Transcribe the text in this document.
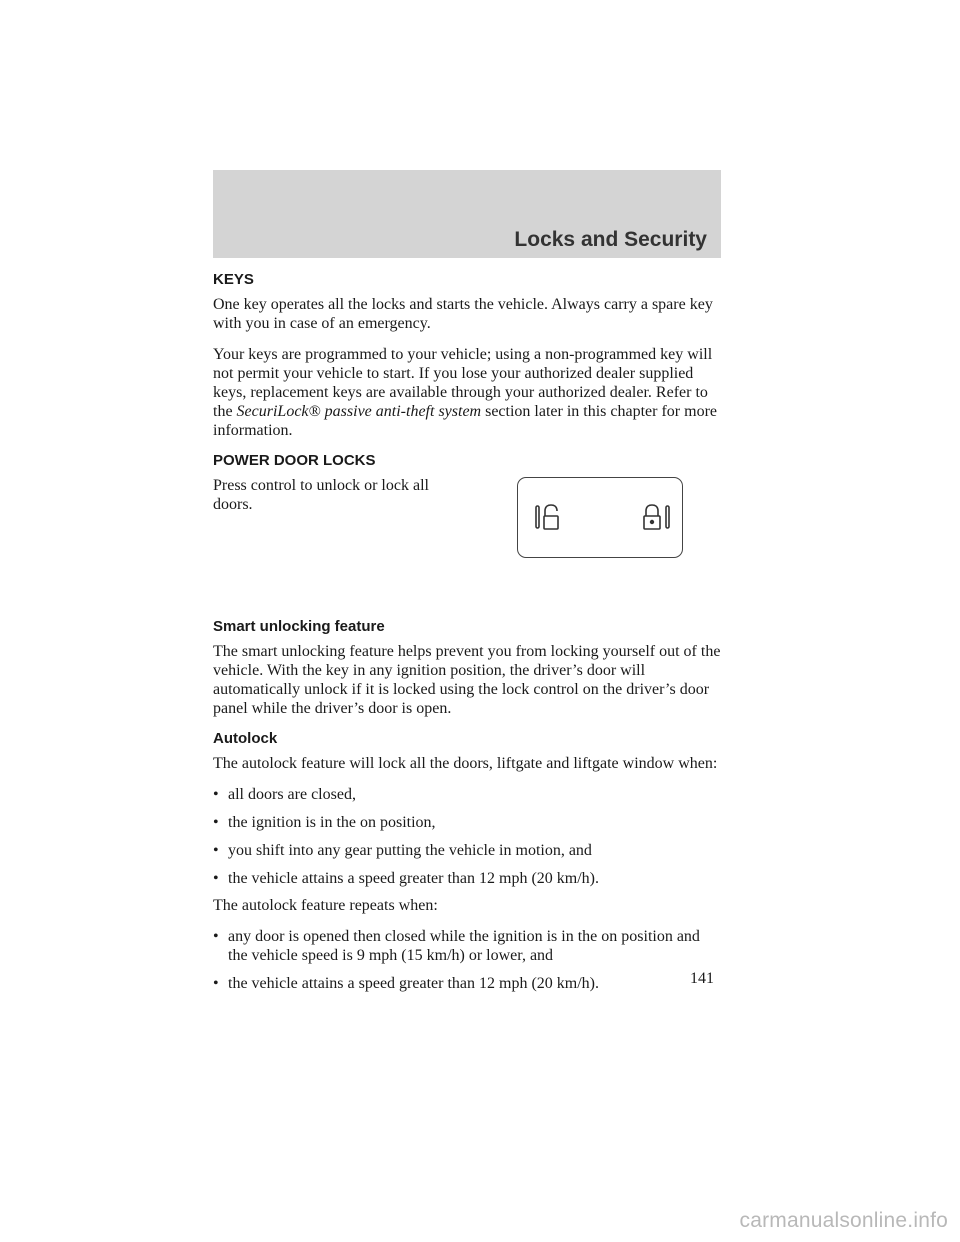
Locks and Security
KEYS

One key operates all the locks and starts the vehicle. Always carry a spare key with you in case of an emergency.

Your keys are programmed to your vehicle; using a non-programmed key will not permit your vehicle to start. If you lose your authorized dealer supplied keys, replacement keys are available through your authorized dealer. Refer to the SecuriLock® passive anti-theft system section later in this chapter for more information.

POWER DOOR LOCKS

Press control to unlock or lock all doors.

Smart unlocking feature

The smart unlocking feature helps prevent you from locking yourself out of the vehicle. With the key in any ignition position, the driver’s door will automatically unlock if it is locked using the lock control on the driver’s door panel while the driver’s door is open.

Autolock

The autolock feature will lock all the doors, liftgate and liftgate window when:

• all doors are closed,
• the ignition is in the on position,
• you shift into any gear putting the vehicle in motion, and
• the vehicle attains a speed greater than 12 mph (20 km/h).

The autolock feature repeats when:

• any door is opened then closed while the ignition is in the on position and the vehicle speed is 9 mph (15 km/h) or lower, and
• the vehicle attains a speed greater than 12 mph (20 km/h).	141
carmanualsonline.info
